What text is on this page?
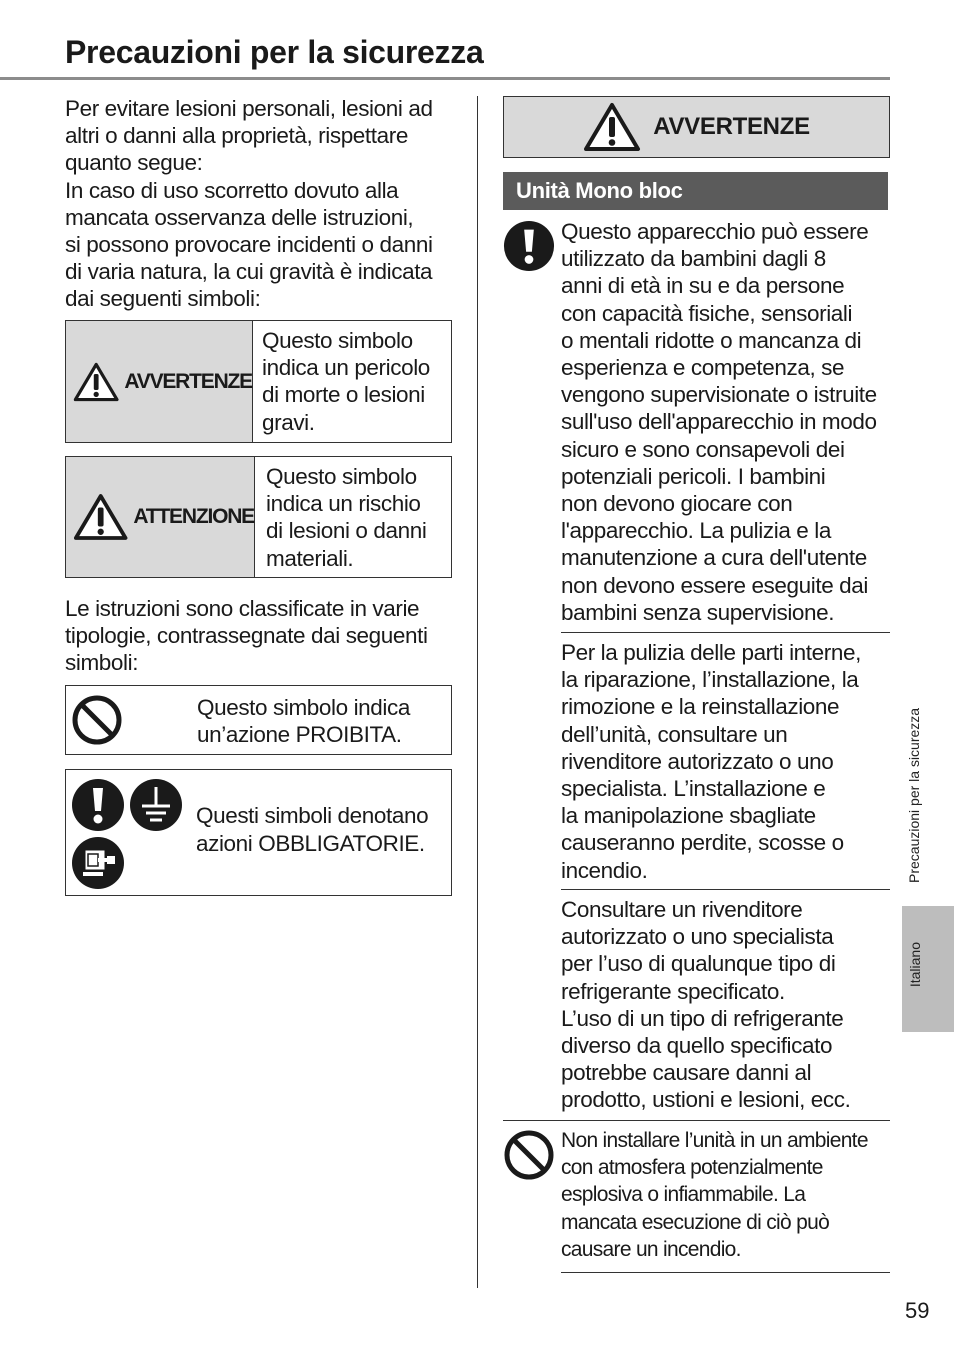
Precauzioni per la sicurezza
Per evitare lesioni personali, lesioni ad
altri o danni alla proprietà, rispettare
quanto segue:
In caso di uso scorretto dovuto alla
mancata osservanza delle istruzioni,
si possono provocare incidenti o danni
di varia natura, la cui gravità è indicata
dai seguenti simboli:
AVVERTENZE
Questo simbolo
indica un pericolo
di morte o lesioni
gravi.
ATTENZIONE
Questo simbolo
indica un rischio
di lesioni o danni
materiali.
Le istruzioni sono classificate in varie
tipologie, contrassegnate dai seguenti
simboli:
Questo simbolo indica
un’azione PROIBITA.
Questi simboli denotano
azioni OBBLIGATORIE.
AVVERTENZE
Unità Mono bloc
Questo apparecchio può essere
utilizzato da bambini dagli 8
anni di età in su e da persone
con capacità fisiche, sensoriali
o mentali ridotte o mancanza di
esperienza e competenza, se
vengono supervisionate o istruite
sull'uso dell'apparecchio in modo
sicuro e sono consapevoli dei
potenziali pericoli. I bambini
non devono giocare con
l'apparecchio. La pulizia e la
manutenzione a cura dell'utente
non devono essere eseguite dai
bambini senza supervisione.
Per la pulizia delle parti interne,
la riparazione, l’installazione, la
rimozione e la reinstallazione
dell’unità, consultare un
rivenditore autorizzato o uno
specialista. L’installazione e
la manipolazione sbagliate
causeranno perdite, scosse o
incendio.
Consultare un rivenditore
autorizzato o uno specialista
per l’uso di qualunque tipo di
refrigerante specificato.
L’uso di un tipo di refrigerante
diverso da quello specificato
potrebbe causare danni al
prodotto, ustioni e lesioni, ecc.
Non installare l’unità in un ambiente
con atmosfera potenzialmente
esplosiva o infiammabile. La
mancata esecuzione di ciò può
causare un incendio.
Precauzioni per la sicurezza
Italiano
59
